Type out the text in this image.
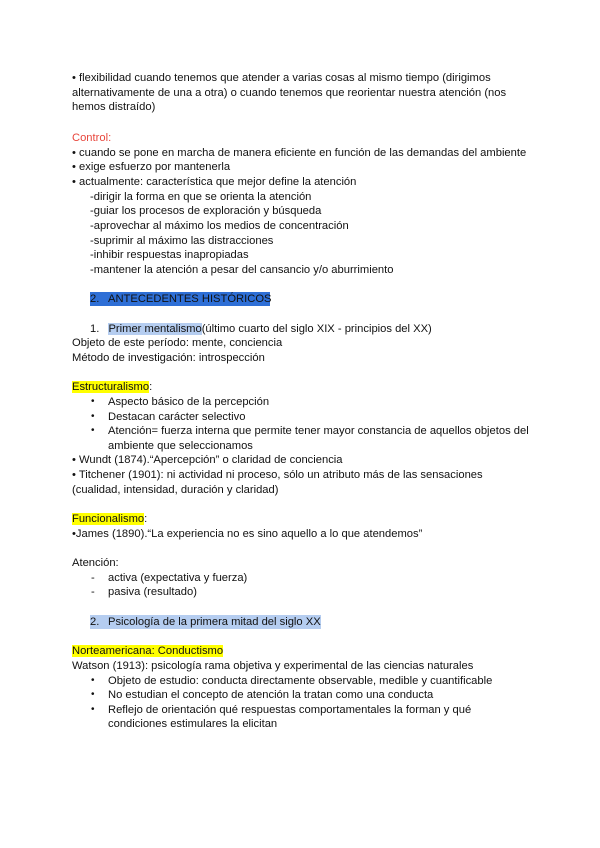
• flexibilidad cuando tenemos que atender a varias cosas al mismo tiempo (dirigimos
alternativamente de una a otra) o cuando tenemos que reorientar nuestra atención (nos
hemos distraído)
Control:
• cuando se pone en marcha de manera eficiente en función de las demandas del ambiente
• exige esfuerzo por mantenerla
• actualmente: característica que mejor define la atención
-dirigir la forma en que se orienta la atención
-guiar los procesos de exploración y búsqueda
-aprovechar al máximo los medios de concentración
-suprimir al máximo las distracciones
-inhibir respuestas inapropiadas
-mantener la atención a pesar del cansancio y/o aburrimiento
2. ANTECEDENTES HISTÓRICOS
1. Primer mentalismo(último cuarto del siglo XIX - principios del XX)
Objeto de este período: mente, conciencia
Método de investigación: introspección
Estructuralismo:
• Aspecto básico de la percepción
• Destacan carácter selectivo
• Atención= fuerza interna que permite tener mayor constancia de aquellos objetos del
ambiente que seleccionamos
• Wundt (1874).“Apercepción” o claridad de conciencia
• Titchener (1901): ni actividad ni proceso, sólo un atributo más de las sensaciones
(cualidad, intensidad, duración y claridad)
Funcionalismo:
•James (1890).“La experiencia no es sino aquello a lo que atendemos”
Atención:
- activa (expectativa y fuerza)
- pasiva (resultado)
2. Psicología de la primera mitad del siglo XX
Norteamericana: Conductismo
Watson (1913): psicología rama objetiva y experimental de las ciencias naturales
• Objeto de estudio: conducta directamente observable, medible y cuantificable
• No estudian el concepto de atención la tratan como una conducta
• Reflejo de orientación qué respuestas comportamentales la forman y qué
condiciones estimulares la elicitan
